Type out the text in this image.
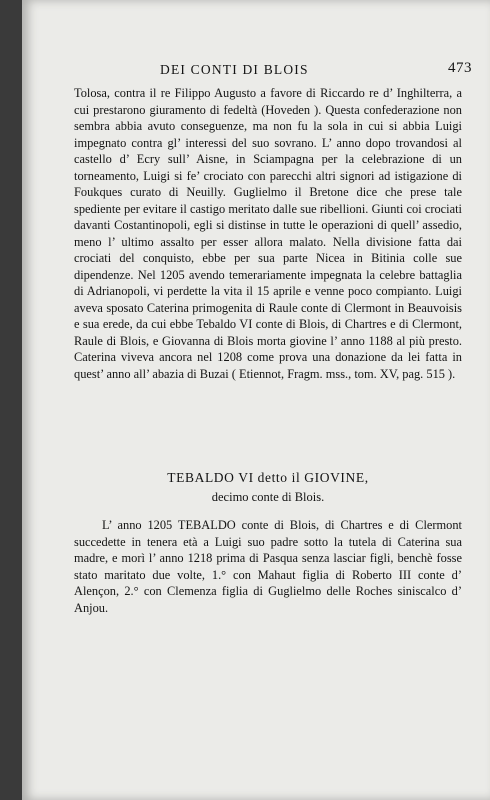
DEI CONTI DI BLOIS	473

Tolosa, contra il re Filippo Augusto a favore di Riccardo re d’ Inghilterra, a cui prestarono giuramento di fedeltà (Hoveden ). Questa confederazione non sembra abbia avuto conseguenze, ma non fu la sola in cui si abbia Luigi impegnato contra gl’ interessi del suo sovrano. L’ anno dopo trovandosi al castello d’ Ecry sull’ Aisne, in Sciampagna per la celebrazione di un torneamento, Luigi si fe’ crociato con parecchi altri signori ad istigazione di Foukques curato di Neuilly. Guglielmo il Bretone dice che prese tale spediente per evitare il castigo meritato dalle sue ribellioni. Giunti coi crociati davanti Costantinopoli, egli si distinse in tutte le operazioni di quell’ assedio, meno l’ ultimo assalto per esser allora malato. Nella divisione fatta dai crociati del conquisto, ebbe per sua parte Nicea in Bitinia colle sue dipendenze. Nel 1205 avendo temerariamente impegnata la celebre battaglia di Adrianopoli, vi perdette la vita il 15 aprile e venne poco compianto. Luigi aveva sposato Caterina primogenita di Raule conte di Clermont in Beauvoisis e sua erede, da cui ebbe Tebaldo VI conte di Blois, di Chartres e di Clermont, Raule di Blois, e Giovanna di Blois morta giovine l’ anno 1188 al più presto. Caterina viveva ancora nel 1208 come prova una donazione da lei fatta in quest’ anno all’ abazia di Buzai ( Etiennot, Fragm. mss., tom. XV, pag. 515 ).

TEBALDO VI detto il GIOVINE,
decimo conte di Blois.

L’ anno 1205 TEBALDO conte di Blois, di Chartres e di Clermont succedette in tenera età a Luigi suo padre sotto la tutela di Caterina sua madre, e morì l’ anno 1218 prima di Pasqua senza lasciar figli, benchè fosse stato maritato due volte, 1.° con Mahaut figlia di Roberto III conte d’ Alençon, 2.° con Clemenza figlia di Guglielmo delle Roches siniscalco d’ Anjou.
